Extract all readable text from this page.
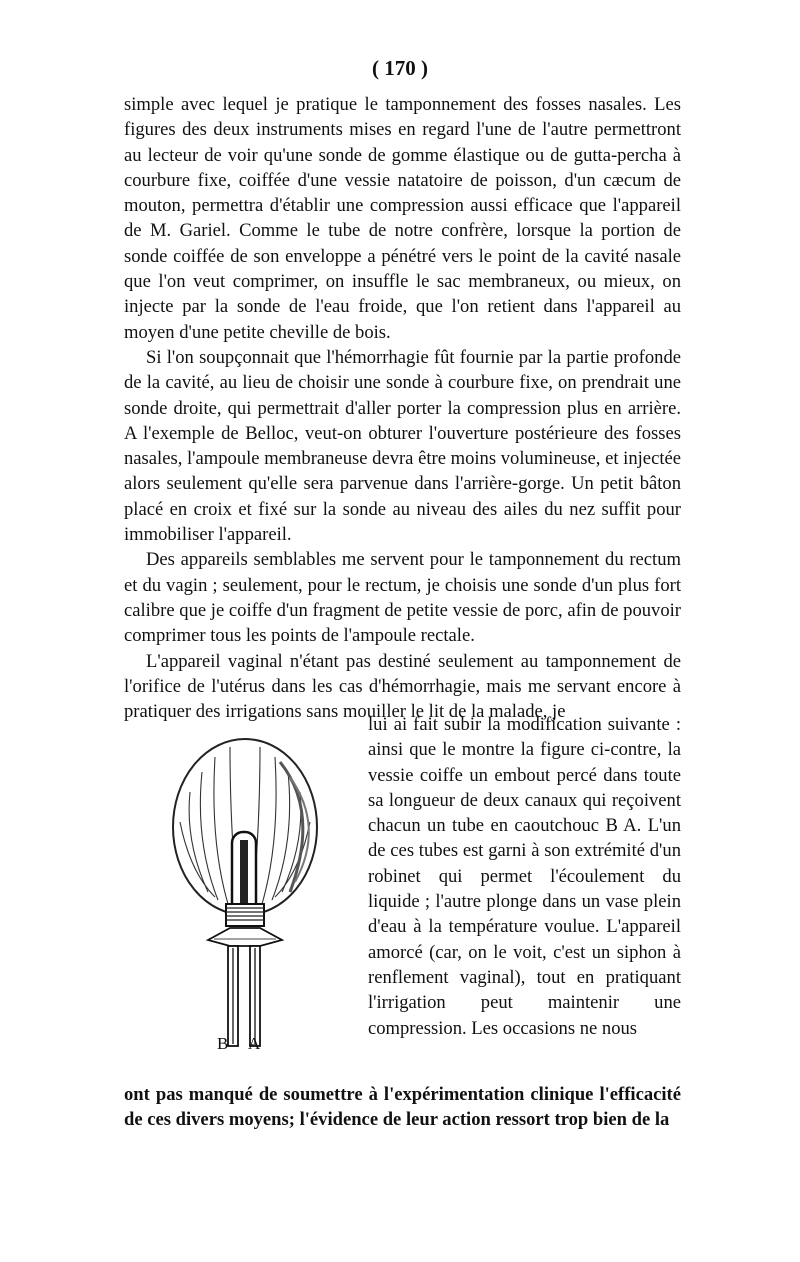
( 170 )

simple avec lequel je pratique le tamponnement des fosses nasales. Les figures des deux instruments mises en regard l'une de l'autre permettront au lecteur de voir qu'une sonde de gomme élastique ou de gutta-percha à courbure fixe, coiffée d'une vessie natatoire de poisson, d'un cæcum de mouton, permettra d'établir une compression aussi efficace que l'appareil de M. Gariel. Comme le tube de notre confrère, lorsque la portion de sonde coiffée de son enveloppe a pénétré vers le point de la cavité nasale que l'on veut comprimer, on insuffle le sac membraneux, ou mieux, on injecte par la sonde de l'eau froide, que l'on retient dans l'appareil au moyen d'une petite cheville de bois.

Si l'on soupçonnait que l'hémorrhagie fût fournie par la partie profonde de la cavité, au lieu de choisir une sonde à courbure fixe, on prendrait une sonde droite, qui permettrait d'aller porter la compression plus en arrière. A l'exemple de Belloc, veut-on obturer l'ouverture postérieure des fosses nasales, l'ampoule membraneuse devra être moins volumineuse, et injectée alors seulement qu'elle sera parvenue dans l'arrière-gorge. Un petit bâton placé en croix et fixé sur la sonde au niveau des ailes du nez suffit pour immobiliser l'appareil.

Des appareils semblables me servent pour le tamponnement du rectum et du vagin ; seulement, pour le rectum, je choisis une sonde d'un plus fort calibre que je coiffe d'un fragment de petite vessie de porc, afin de pouvoir comprimer tous les points de l'ampoule rectale.

L'appareil vaginal n'étant pas destiné seulement au tamponnement de l'orifice de l'utérus dans les cas d'hémorrhagie, mais me servant encore à pratiquer des irrigations sans mouiller le lit de la malade, je

B A
lui ai fait subir la modification suivante : ainsi que le montre la figure ci-contre, la vessie coiffe un embout percé dans toute sa longueur de deux canaux qui reçoivent chacun un tube en caoutchouc B A. L'un de ces tubes est garni à son extrémité d'un robinet qui permet l'écoulement du liquide ; l'autre plonge dans un vase plein d'eau à la température voulue. L'appareil amorcé (car, on le voit, c'est un siphon à renflement vaginal), tout en pratiquant l'irrigation peut maintenir une compression. Les occasions ne nous

ont pas manqué de soumettre à l'expérimentation clinique l'efficacité de ces divers moyens; l'évidence de leur action ressort trop bien de la
